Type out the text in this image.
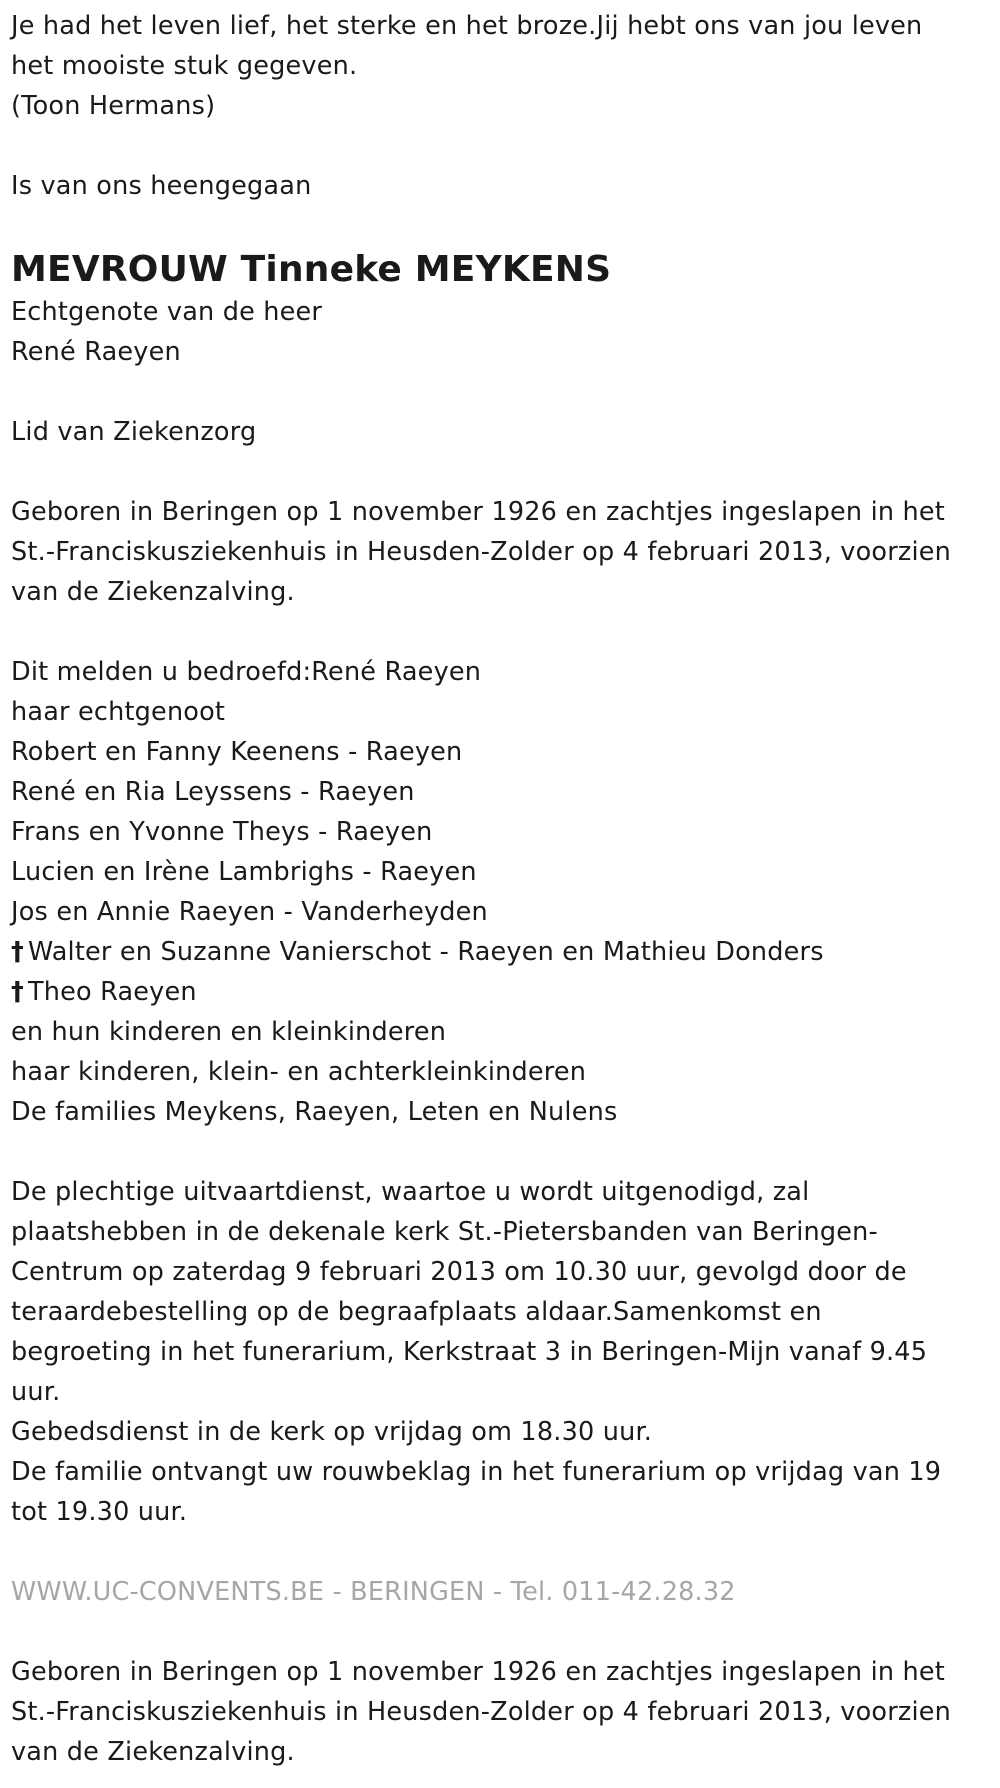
Je had het leven lief, het sterke en het broze.Jij hebt ons van jou leven
het mooiste stuk gegeven.
(Toon Hermans)
Is van ons heengegaan
MEVROUW Tinneke MEYKENS
Echtgenote van de heer
René Raeyen
Lid van Ziekenzorg
Geboren in Beringen op 1 november 1926 en zachtjes ingeslapen in het
St.-Franciskusziekenhuis in Heusden-Zolder op 4 februari 2013, voorzien
van de Ziekenzalving.
Dit melden u bedroefd:René Raeyen
haar echtgenoot
Robert en Fanny Keenens - Raeyen
René en Ria Leyssens - Raeyen
Frans en Yvonne Theys - Raeyen
Lucien en Irène Lambrighs - Raeyen
Jos en Annie Raeyen - Vanderheyden
† Walter en Suzanne Vanierschot - Raeyen en Mathieu Donders
† Theo Raeyen
en hun kinderen en kleinkinderen
haar kinderen, klein- en achterkleinkinderen
De families Meykens, Raeyen, Leten en Nulens
De plechtige uitvaartdienst, waartoe u wordt uitgenodigd, zal
plaatshebben in de dekenale kerk St.-Pietersbanden van Beringen-
Centrum op zaterdag 9 februari 2013 om 10.30 uur, gevolgd door de
teraardebestelling op de begraafplaats aldaar.Samenkomst en
begroeting in het funerarium, Kerkstraat 3 in Beringen-Mijn vanaf 9.45
uur.
Gebedsdienst in de kerk op vrijdag om 18.30 uur.
De familie ontvangt uw rouwbeklag in het funerarium op vrijdag van 19
tot 19.30 uur.
WWW.UC-CONVENTS.BE - BERINGEN - Tel. 011-42.28.32
Geboren in Beringen op 1 november 1926 en zachtjes ingeslapen in het
St.-Franciskusziekenhuis in Heusden-Zolder op 4 februari 2013, voorzien
van de Ziekenzalving.
